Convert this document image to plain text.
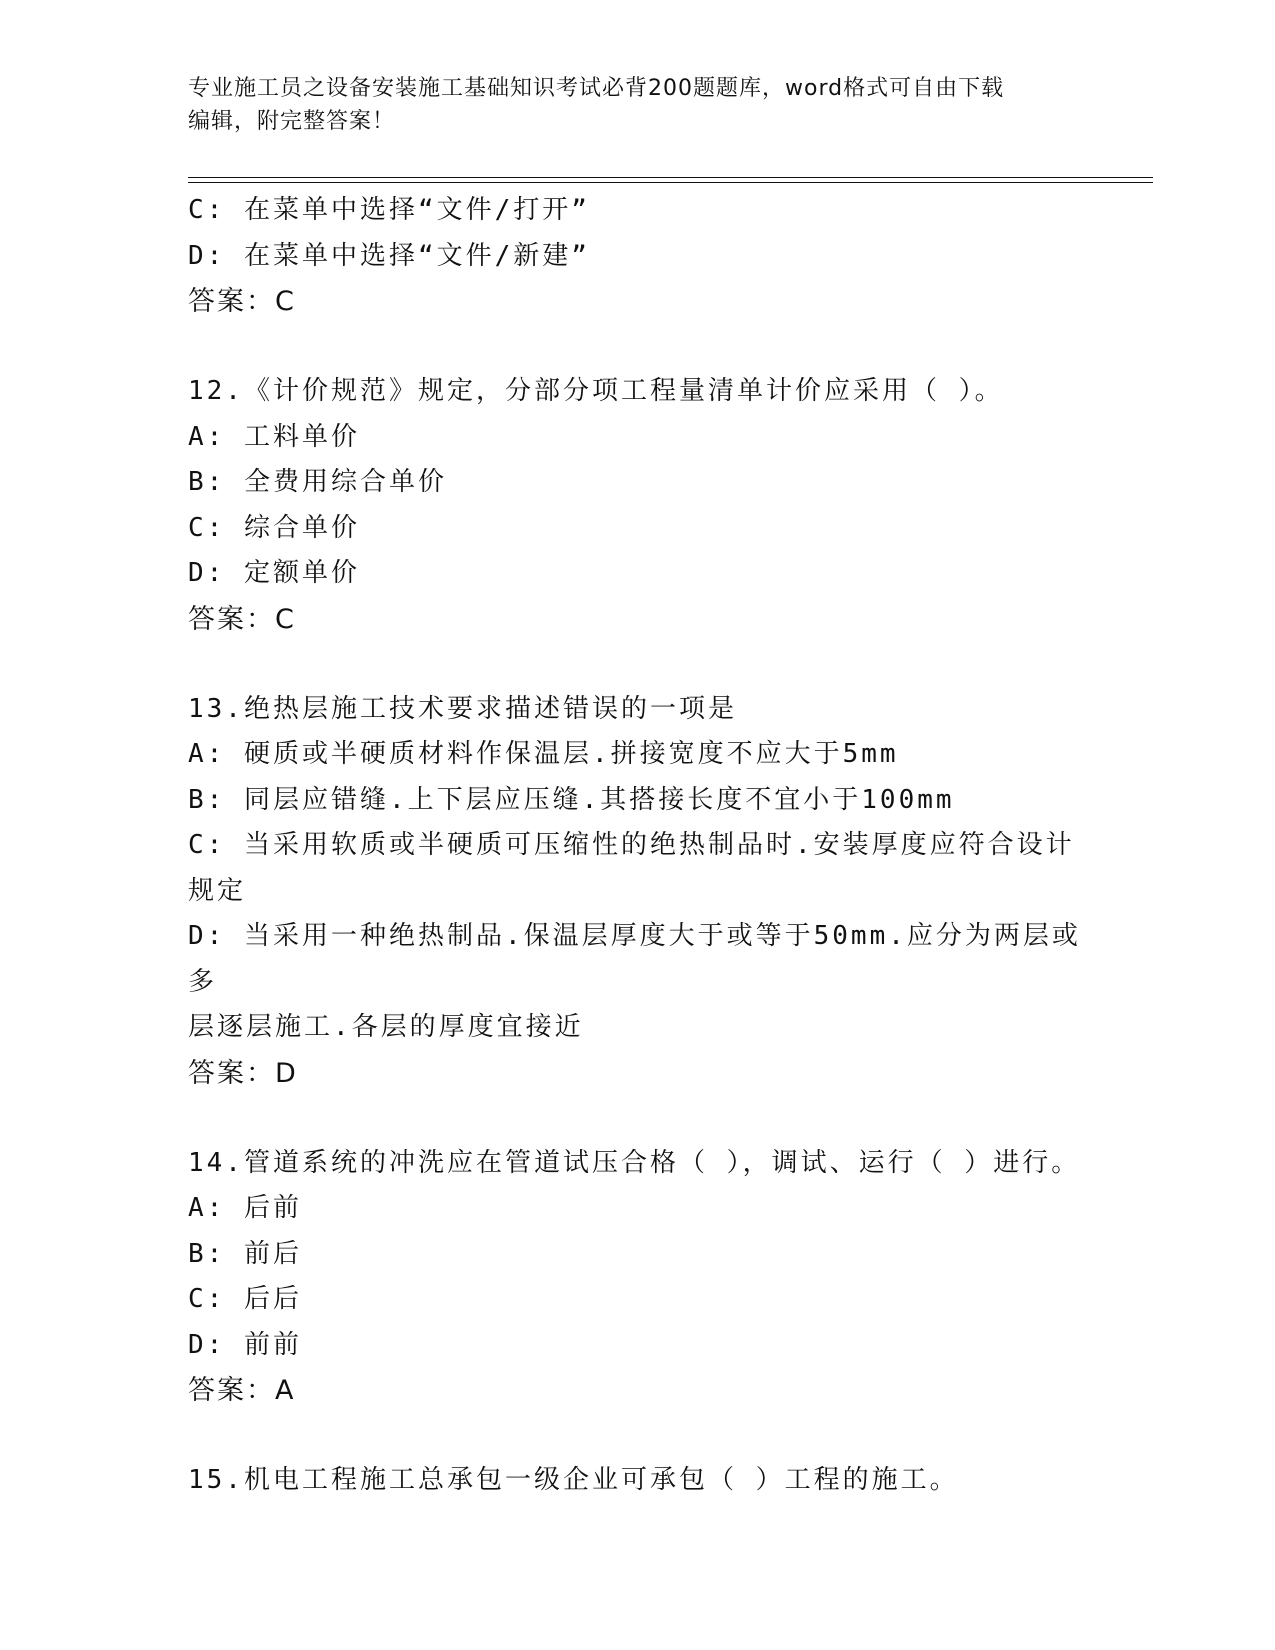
专业施工员之设备安装施工基础知识考试必背200题题库，word格式可自由下载
编辑，附完整答案！

C: 在菜单中选择“文件/打开”

D: 在菜单中选择“文件/新建”

答案：C

12.《计价规范》规定，分部分项工程量清单计价应采用（ ）。

A: 工料单价

B: 全费用综合单价

C: 综合单价

D: 定额单价

答案：C

13.绝热层施工技术要求描述错误的一项是

A: 硬质或半硬质材料作保温层.拼接宽度不应大于5mm

B: 同层应错缝.上下层应压缝.其搭接长度不宜小于100mm

C: 当采用软质或半硬质可压缩性的绝热制品时.安装厚度应符合设计

规定

D: 当采用一种绝热制品.保温层厚度大于或等于50mm.应分为两层或多

层逐层施工.各层的厚度宜接近

答案：D

14.管道系统的冲洗应在管道试压合格（ ），调试、运行（ ）进行。

A: 后前

B: 前后

C: 后后

D: 前前

答案：A

15.机电工程施工总承包一级企业可承包（ ）工程的施工。
